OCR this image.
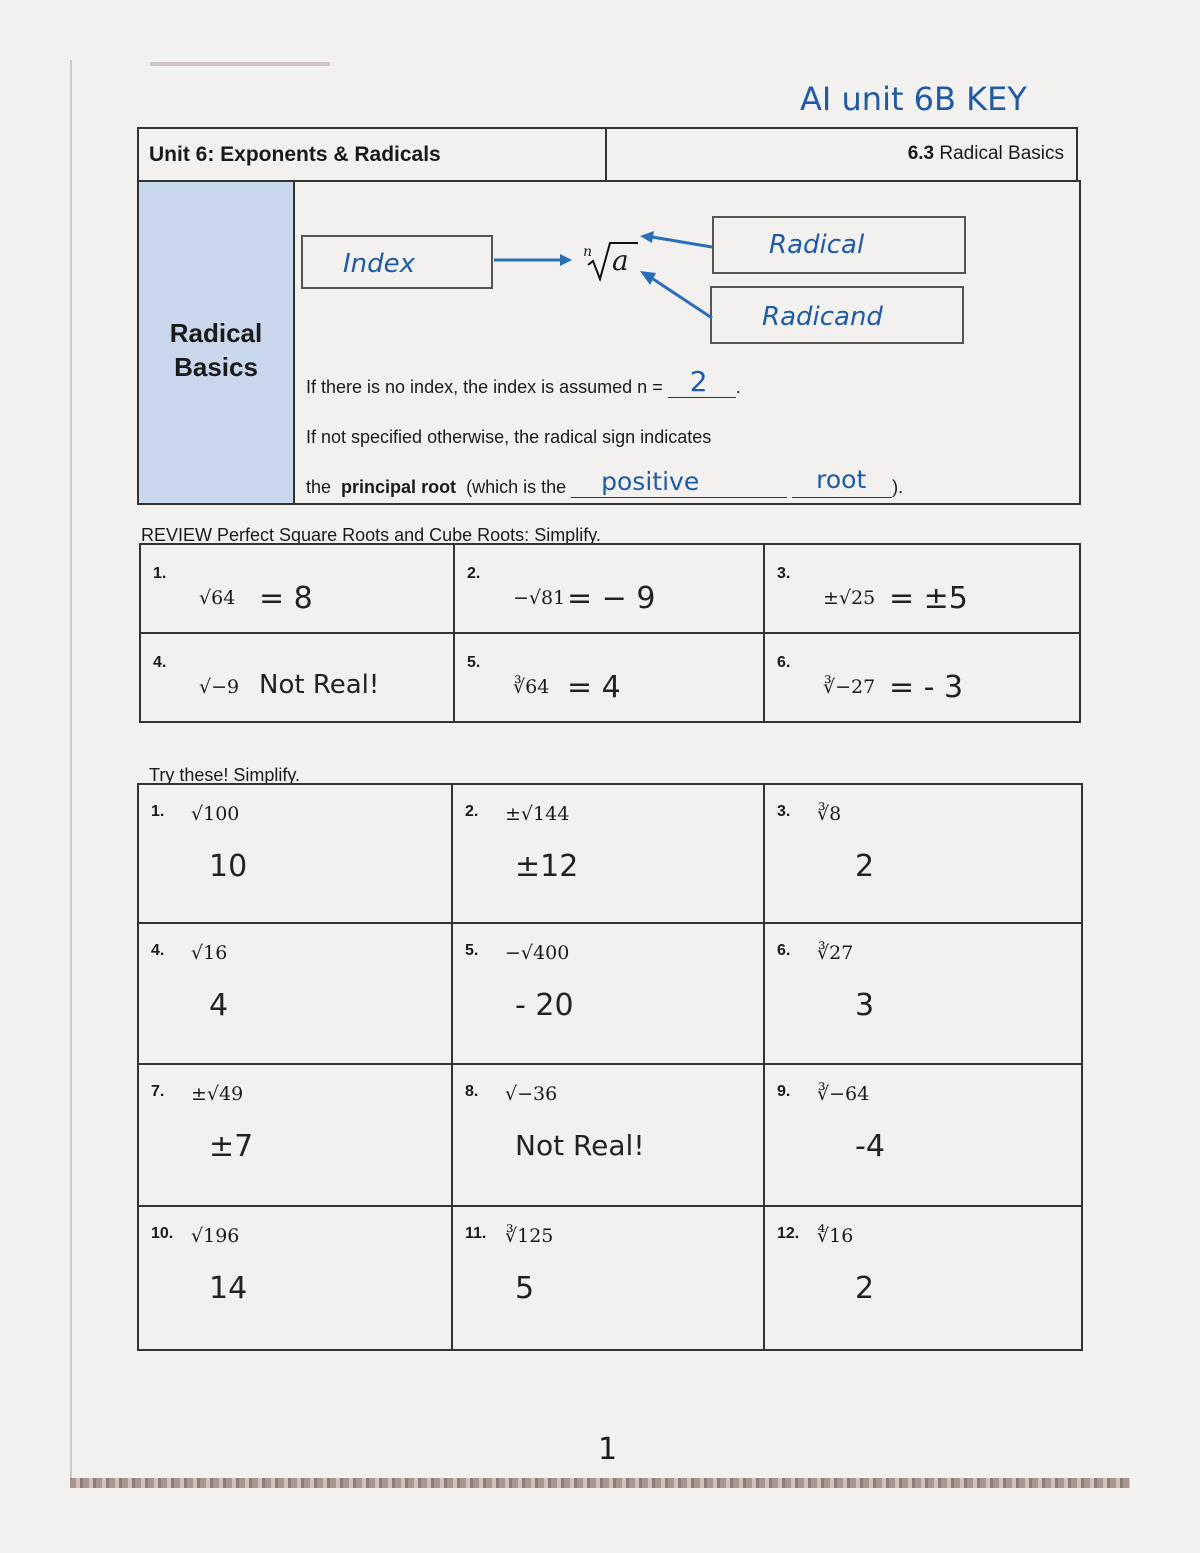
AI unit 6B KEY
Unit 6: Exponents & Radicals	6.3 Radical Basics
Radical
Basics
Index
Radical
Radicand
n a
If there is no index, the index is assumed n = 2 .
If not specified otherwise, the radical sign indicates
the principal root (which is the positive
	root ).
REVIEW Perfect Square Roots and Cube Roots: Simplify.
1.
√64 = 8
2.
−√81 = − 9
3.
±√25 = ±5
4.
√−9 Not Real!
5.
∛64 = 4
6.
∛−27 = - 3
Try these! Simplify.
1. √100
10
2. ±√144
±12
3. ∛8
2
4. √16
4
5. −√400
- 20
6. ∛27
3
7. ±√49
±7
8. √−36
Not Real!
9. ∛−64
-4
10. √196
14
11. ∛125
5
12. ∜16
2
1
